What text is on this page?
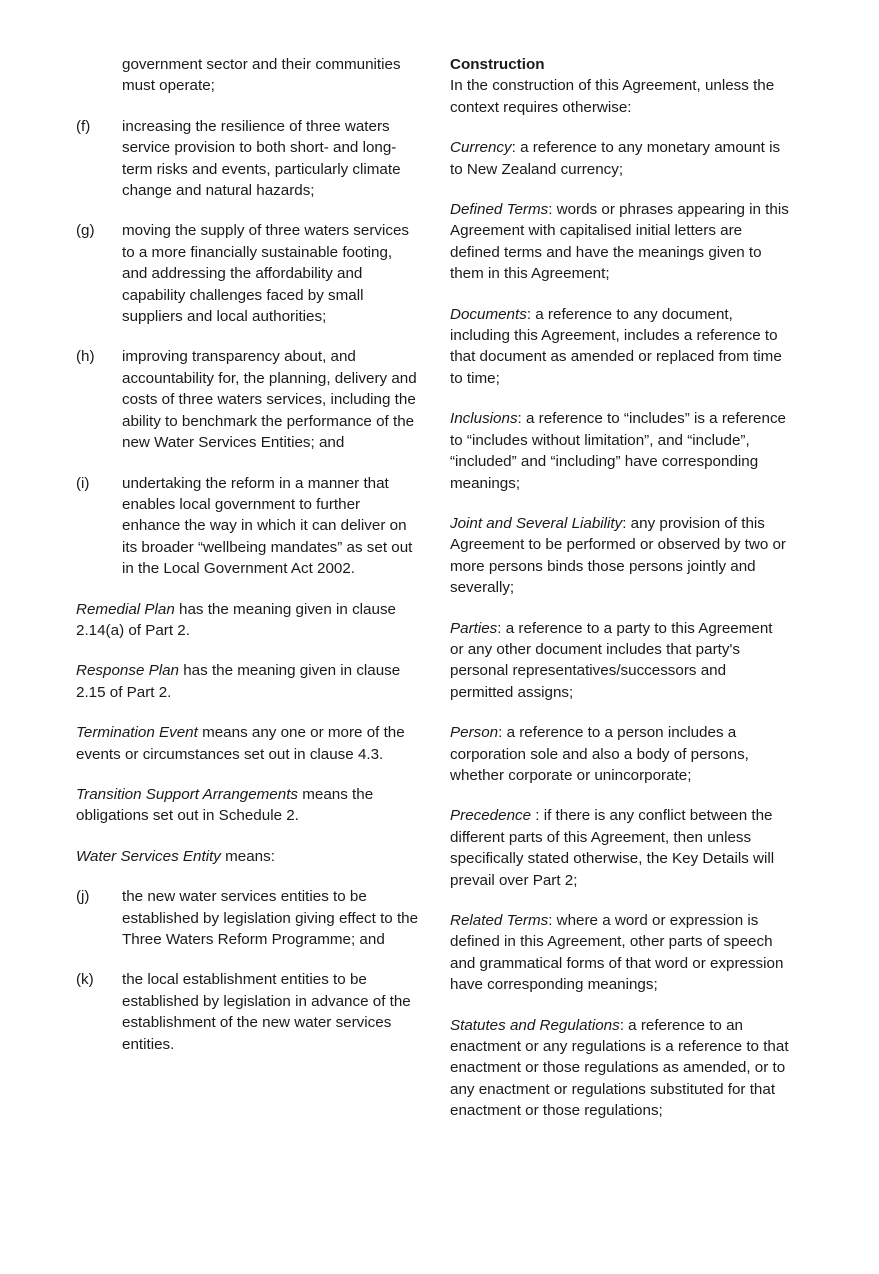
government sector and their communities must operate;

(f) increasing the resilience of three waters service provision to both short- and long-term risks and events, particularly climate change and natural hazards;
(g) moving the supply of three waters services to a more financially sustainable footing, and addressing the affordability and capability challenges faced by small suppliers and local authorities;
(h) improving transparency about, and accountability for, the planning, delivery and costs of three waters services, including the ability to benchmark the performance of the new Water Services Entities; and
(i) undertaking the reform in a manner that enables local government to further enhance the way in which it can deliver on its broader “wellbeing mandates” as set out in the Local Government Act 2002.

Remedial Plan has the meaning given in clause 2.14(a) of Part 2.

Response Plan has the meaning given in clause 2.15 of Part 2.

Termination Event means any one or more of the events or circumstances set out in clause 4.3.

Transition Support Arrangements means the obligations set out in Schedule 2.

Water Services Entity means:

(j) the new water services entities to be established by legislation giving effect to the Three Waters Reform Programme; and
(k) the local establishment entities to be established by legislation in advance of the establishment of the new water services entities.
Construction

In the construction of this Agreement, unless the context requires otherwise:

Currency: a reference to any monetary amount is to New Zealand currency;

Defined Terms: words or phrases appearing in this Agreement with capitalised initial letters are defined terms and have the meanings given to them in this Agreement;

Documents: a reference to any document, including this Agreement, includes a reference to that document as amended or replaced from time to time;

Inclusions: a reference to “includes” is a reference to “includes without limitation”, and “include”, “included” and “including” have corresponding meanings;

Joint and Several Liability: any provision of this Agreement to be performed or observed by two or more persons binds those persons jointly and severally;

Parties: a reference to a party to this Agreement or any other document includes that party's personal representatives/successors and permitted assigns;

Person: a reference to a person includes a corporation sole and also a body of persons, whether corporate or unincorporate;

Precedence : if there is any conflict between the different parts of this Agreement, then unless specifically stated otherwise, the Key Details will prevail over Part 2;

Related Terms: where a word or expression is defined in this Agreement, other parts of speech and grammatical forms of that word or expression have corresponding meanings;

Statutes and Regulations: a reference to an enactment or any regulations is a reference to that enactment or those regulations as amended, or to any enactment or regulations substituted for that enactment or those regulations;
